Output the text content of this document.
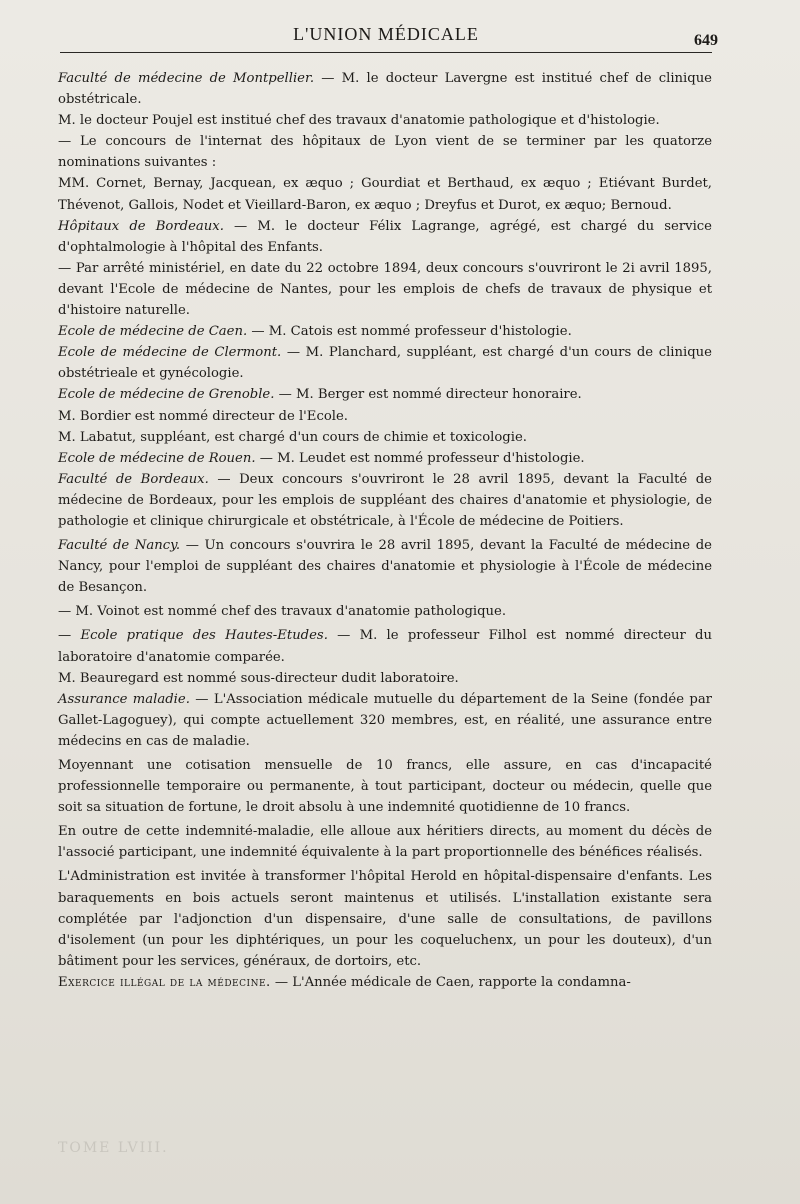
L'UNION MÉDICALE	649

Faculté de médecine de Montpellier. — M. le docteur Lavergne est institué chef de clinique obstétricale.

M. le docteur Poujel est institué chef des travaux d'anatomie pathologique et d'histologie.

— Le concours de l'internat des hôpitaux de Lyon vient de se terminer par les quatorze nominations suivantes :

MM. Cornet, Bernay, Jacquean, ex æquo ; Gourdiat et Berthaud, ex æquo ; Etiévant Burdet, Thévenot, Gallois, Nodet et Vieillard-Baron, ex æquo ; Dreyfus et Durot, ex æquo; Bernoud.

Hôpitaux de Bordeaux. — M. le docteur Félix Lagrange, agrégé, est chargé du service d'ophtalmologie à l'hôpital des Enfants.

— Par arrêté ministériel, en date du 22 octobre 1894, deux concours s'ouvriront le 2i avril 1895, devant l'Ecole de médecine de Nantes, pour les emplois de chefs de travaux de physique et d'histoire naturelle.

Ecole de médecine de Caen. — M. Catois est nommé professeur d'histologie.

Ecole de médecine de Clermont. — M. Planchard, suppléant, est chargé d'un cours de clinique obstétrieale et gynécologie.

Ecole de médecine de Grenoble. — M. Berger est nommé directeur honoraire.

M. Bordier est nommé directeur de l'Ecole.

M. Labatut, suppléant, est chargé d'un cours de chimie et toxicologie.

Ecole de médecine de Rouen. — M. Leudet est nommé professeur d'histologie.

Faculté de Bordeaux. — Deux concours s'ouvriront le 28 avril 1895, devant la Faculté de médecine de Bordeaux, pour les emplois de suppléant des chaires d'anatomie et physiologie, de pathologie et clinique chirurgicale et obstétricale, à l'École de médecine de Poitiers.

Faculté de Nancy. — Un concours s'ouvrira le 28 avril 1895, devant la Faculté de médecine de Nancy, pour l'emploi de suppléant des chaires d'anatomie et physiologie à l'École de médecine de Besançon.

— M. Voinot est nommé chef des travaux d'anatomie pathologique.

— Ecole pratique des Hautes-Etudes. — M. le professeur Filhol est nommé directeur du laboratoire d'anatomie comparée.

M. Beauregard est nommé sous-directeur dudit laboratoire.

Assurance maladie. — L'Association médicale mutuelle du département de la Seine (fondée par Gallet-Lagoguey), qui compte actuellement 320 membres, est, en réalité, une assurance entre médecins en cas de maladie.

Moyennant une cotisation mensuelle de 10 francs, elle assure, en cas d'incapacité professionnelle temporaire ou permanente, à tout participant, docteur ou médecin, quelle que soit sa situation de fortune, le droit absolu à une indemnité quotidienne de 10 francs.

En outre de cette indemnité-maladie, elle alloue aux héritiers directs, au moment du décès de l'associé participant, une indemnité équivalente à la part proportionnelle des bénéfices réalisés.

L'Administration est invitée à transformer l'hôpital Herold en hôpital-dispensaire d'enfants. Les baraquements en bois actuels seront maintenus et utilisés. L'installation existante sera complétée par l'adjonction d'un dispensaire, d'une salle de consultations, de pavillons d'isolement (un pour les diphtériques, un pour les coqueluchenx, un pour les douteux), d'un bâtiment pour les services, généraux, de dortoirs, etc.

Exercice illégal de la médecine. — L'Année médicale de Caen, rapporte la condamna-

TOME LVIII.
